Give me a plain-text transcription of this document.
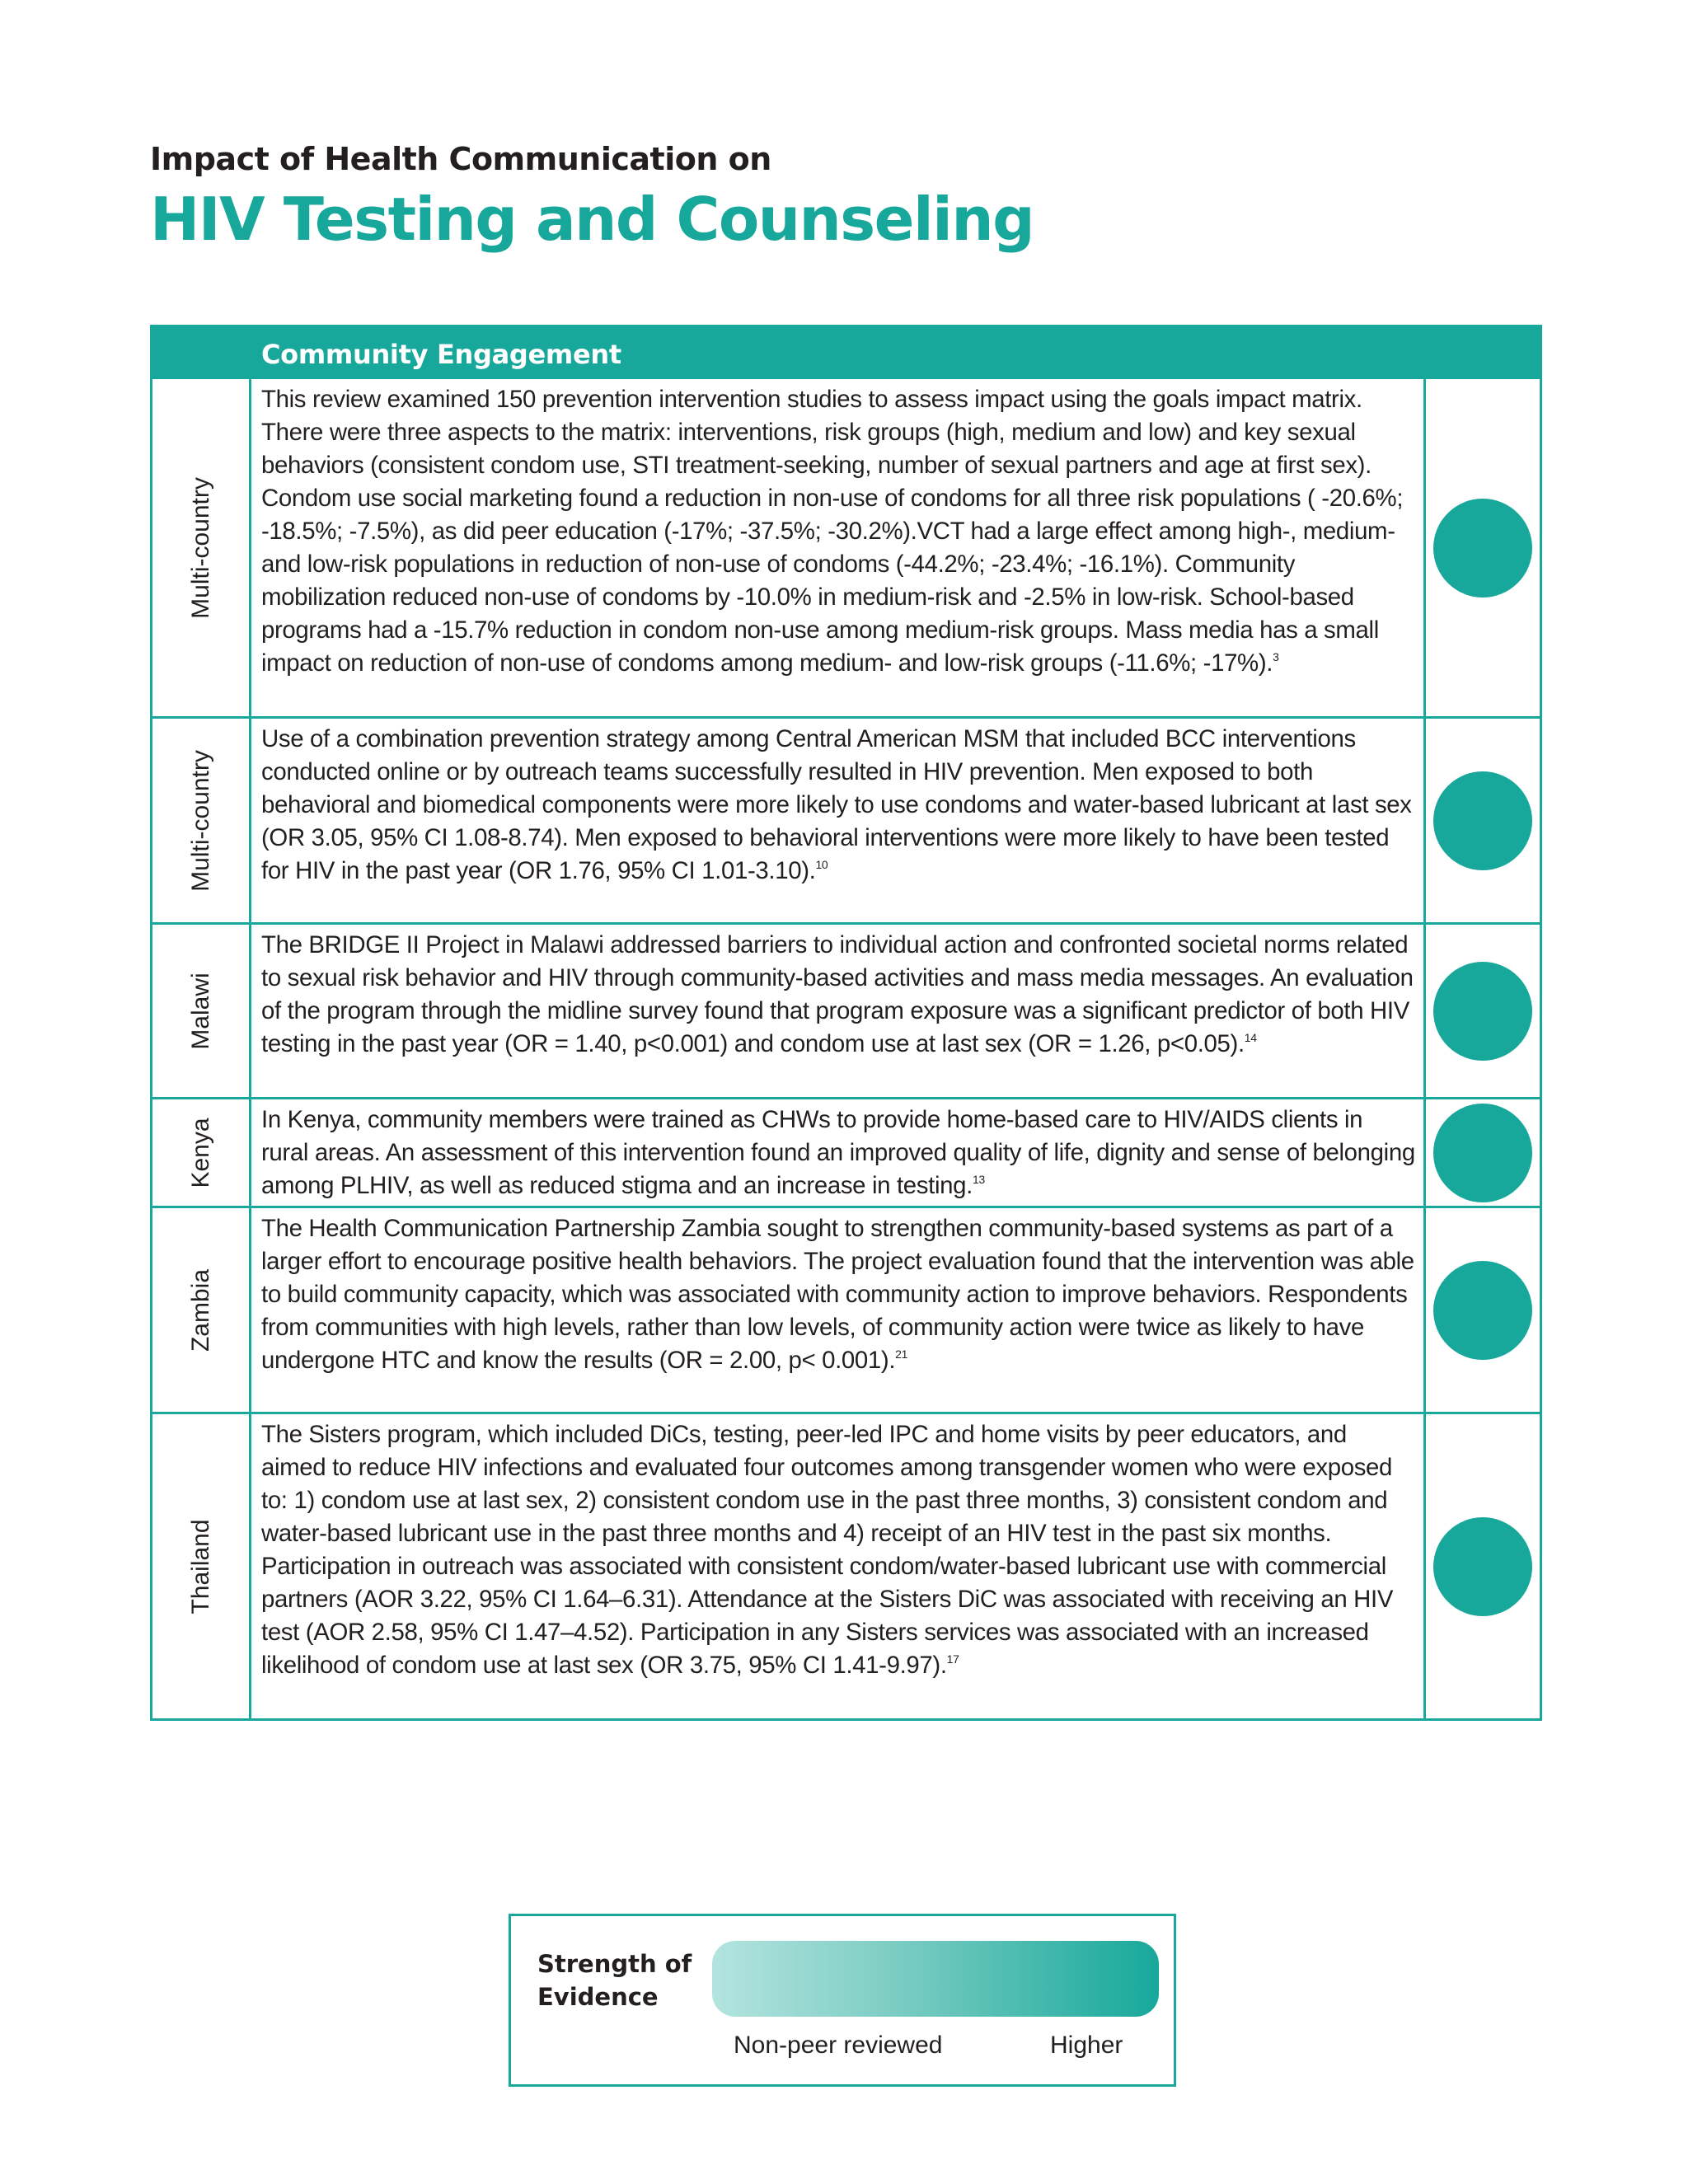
Impact of Health Communication on
HIV Testing and Counseling
	Community Engagement	

Multi-country	This review examined 150 prevention intervention studies to assess impact using the goals impact matrix. There were three aspects to the matrix: interventions, risk groups (high, medium and low) and key sexual behaviors (consistent condom use, STI treatment-seeking, number of sexual partners and age at first sex). Condom use social marketing found a reduction in non-use of condoms for all three risk populations ( -20.6%; -18.5%; -7.5%), as did peer education (-17%; -37.5%; -30.2%).VCT had a large effect among high-, medium- and low-risk populations in reduction of non-use of condoms (-44.2%; -23.4%; -16.1%). Community mobilization reduced non-use of condoms by -10.0% in medium-risk and -2.5% in low-risk. School-based programs had a -15.7% reduction in condom non-use among medium-risk groups. Mass media has a small impact on reduction of non-use of condoms among medium- and low-risk groups (-11.6%; -17%).$^3$	

Multi-country	Use of a combination prevention strategy among Central American MSM that included BCC interventions conducted online or by outreach teams successfully resulted in HIV prevention. Men exposed to both behavioral and biomedical components were more likely to use condoms and water-based lubricant at last sex (OR 3.05, 95% CI 1.08-8.74). Men exposed to behavioral interventions were more likely to have been tested for HIV in the past year (OR 1.76, 95% CI 1.01-3.10).$^{10}$	

Malawi	The BRIDGE II Project in Malawi addressed barriers to individual action and confronted societal norms related to sexual risk behavior and HIV through community-based activities and mass media messages. An evaluation of the program through the midline survey found that program exposure was a significant predictor of both HIV testing in the past year (OR = 1.40, p<0.001) and condom use at last sex (OR = 1.26, p<0.05).$^{14}$	

Kenya	In Kenya, community members were trained as CHWs to provide home-based care to HIV/AIDS clients in rural areas. An assessment of this intervention found an improved quality of life, dignity and sense of belonging among PLHIV, as well as reduced stigma and an increase in testing.$^{13}$	

Zambia	The Health Communication Partnership Zambia sought to strengthen community-based systems as part of a larger effort to encourage positive health behaviors. The project evaluation found that the intervention was able to build community capacity, which was associated with community action to improve behaviors. Respondents from communities with high levels, rather than low levels, of community action were twice as likely to have undergone HTC and know the results (OR = 2.00, p< 0.001).$^{21}$	

Thailand	The Sisters program, which included DiCs, testing, peer-led IPC and home visits by peer educators, and aimed to reduce HIV infections and evaluated four outcomes among transgender women who were exposed to: 1) condom use at last sex, 2) consistent condom use in the past three months, 3) consistent condom and water-based lubricant use in the past three months and 4) receipt of an HIV test in the past six months. Participation in outreach was associated with consistent condom/water-based lubricant use with commercial partners (AOR 3.22, 95% CI 1.64–6.31). Attendance at the Sisters DiC was associated with receiving an HIV test (AOR 2.58, 95% CI 1.47–4.52). Participation in any Sisters services was associated with an increased likelihood of condom use at last sex (OR 3.75, 95% CI 1.41-9.97).$^{17}$	
Strength of
Evidence
Non-peer reviewed	Higher
